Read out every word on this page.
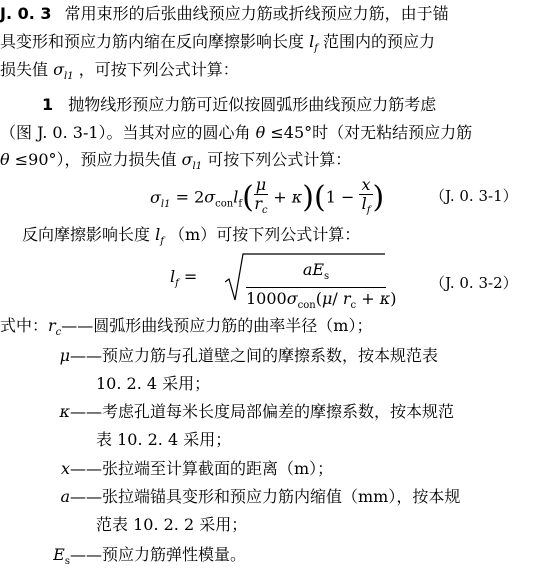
J. 0. 3 常用束形的后张曲线预应力筋或折线预应力筋，由于锚
具变形和预应力筋内缩在反向摩擦影响长度 $l_f$ 范围内的预应力
损失值 $\sigma_{l1}$ ，可按下列公式计算：
1 抛物线形预应力筋可近似按圆弧形曲线预应力筋考虑
（图 J. 0. 3-1）。当其对应的圆心角 θ ≤45°时（对无粘结预应力筋
θ ≤90°），预应力损失值 $\sigma_{l1}$ 可按下列公式计算：
$\sigma_{l1} = 2\sigma_{con}l_f( \frac{\mu}{r_c} + \kappa)(1 - \frac{x}{l_f}$ )	（J. 0. 3-1）
反向摩擦影响长度 $l_f$ （m）可按下列公式计算：
$l_f$ =	$aE_s$
$1000\sigma_{con}(\mu/$ $r_c + \kappa$)
（J. 0. 3-2）
式中：$r_c——$圆弧形曲线预应力筋的曲率半径（m）；
μ——预应力筋与孔道壁之间的摩擦系数，按本规范表
10. 2. 4 采用；
κ——考虑孔道每米长度局部偏差的摩擦系数，按本规范
表 10. 2. 4 采用；
x——张拉端至计算截面的距离（m）；
a——张拉端锚具变形和预应力筋内缩值（mm），按本规
范表 10. 2. 2 采用；
$E_s——$预应力筋弹性模量。
